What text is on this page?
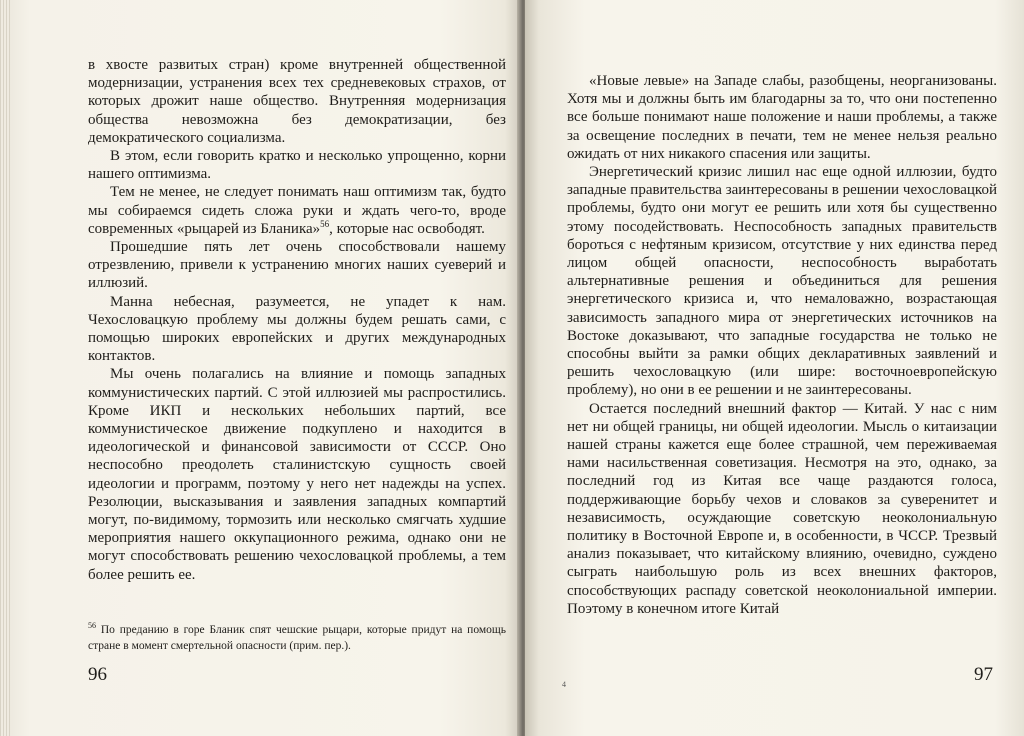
в хвосте развитых стран) кроме внутренней общественной модернизации, устранения всех тех средневековых страхов, от которых дрожит наше общество. Внутренняя модернизация общества невозможна без демократизации, без демократического социализма.

В этом, если говорить кратко и несколько упрощенно, корни нашего оптимизма.

Тем не менее, не следует понимать наш оптимизм так, будто мы собираемся сидеть сложа руки и ждать чего-то, вроде современных «рыцарей из Бланика»$^{56}$, которые нас освободят.

Прошедшие пять лет очень способствовали нашему отрезвлению, привели к устранению многих наших суеверий и иллюзий.

Манна небесная, разумеется, не упадет к нам. Чехословацкую проблему мы должны будем решать сами, с помощью широких европейских и других международных контактов.

Мы очень полагались на влияние и помощь западных коммунистических партий. С этой иллюзией мы распростились. Кроме ИКП и нескольких небольших партий, все коммунистическое движение подкуплено и находится в идеологической и финансовой зависимости от СССР. Оно неспособно преодолеть сталинистскую сущность своей идеологии и программ, поэтому у него нет надежды на успех. Резолюции, высказывания и заявления западных компартий могут, по-видимому, тормозить или несколько смягчать худшие мероприятия нашего оккупационного режима, однако они не могут способствовать решению чехословацкой проблемы, а тем более решить ее.

$^{56}$ По преданию в горе Бланик спят чешские рыцари, которые придут на помощь стране в момент смертельной опасности (прим. пер.).
96

«Новые левые» на Западе слабы, разобщены, неорганизованы. Хотя мы и должны быть им благодарны за то, что они постепенно все больше понимают наше положение и наши проблемы, а также за освещение последних в печати, тем не менее нельзя реально ожидать от них никакого спасения или защиты.

Энергетический кризис лишил нас еще одной иллюзии, будто западные правительства заинтересованы в решении чехословацкой проблемы, будто они могут ее решить или хотя бы существенно этому посодействовать. Неспособность западных правительств бороться с нефтяным кризисом, отсутствие у них единства перед лицом общей опасности, неспособность выработать альтернативные решения и объединиться для решения энергетического кризиса и, что немаловажно, возрастающая зависимость западного мира от энергетических источников на Востоке доказывают, что западные государства не только не способны выйти за рамки общих декларативных заявлений и решить чехословацкую (или шире: восточноевропейскую проблему), но они в ее решении и не заинтересованы.

Остается последний внешний фактор — Китай. У нас с ним нет ни общей границы, ни общей идеологии. Мысль о китаизации нашей страны кажется еще более страшной, чем переживаемая нами насильственная советизация. Несмотря на это, однако, за последний год из Китая все чаще раздаются голоса, поддерживающие борьбу чехов и словаков за суверенитет и независимость, осуждающие советскую неоколониальную политику в Восточной Европе и, в особенности, в ЧССР. Трезвый анализ показывает, что китайскому влиянию, очевидно, суждено сыграть наибольшую роль из всех внешних факторов, способствующих распаду советской неоколониальной империи. Поэтому в конечном итоге Китай

4	97
